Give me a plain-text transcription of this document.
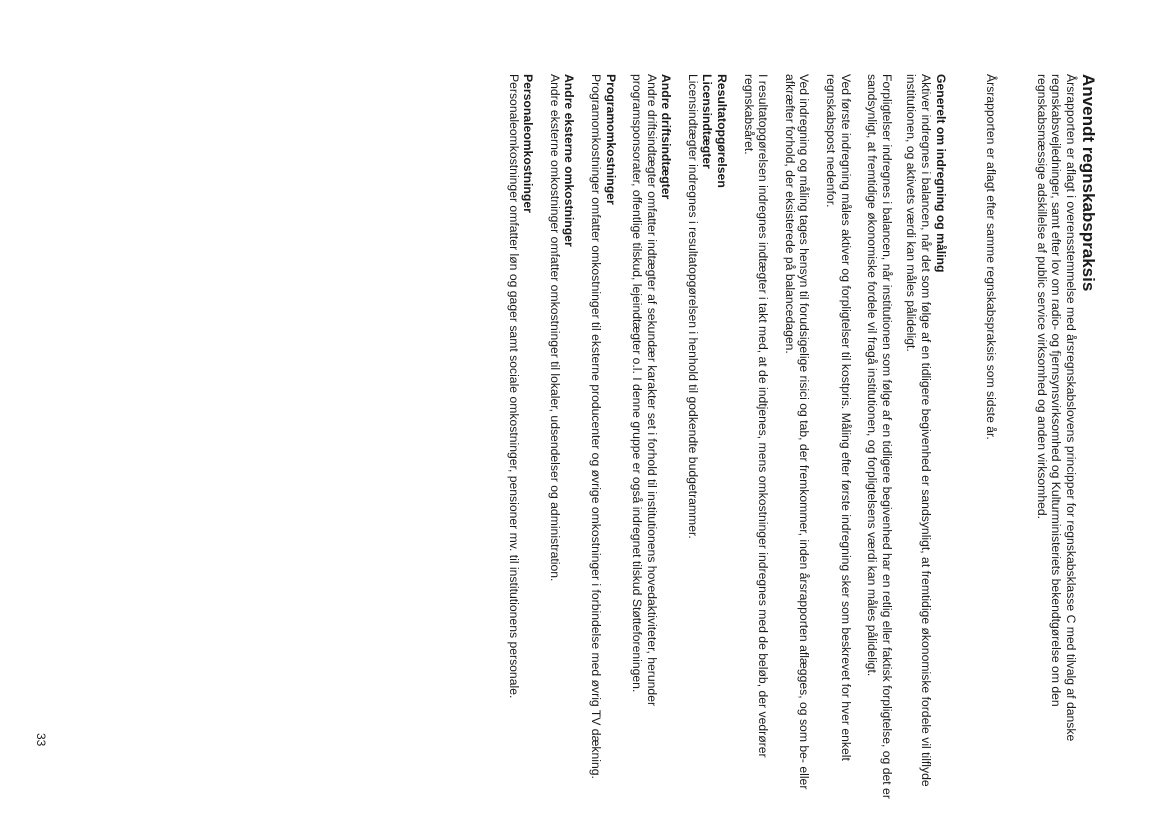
Anvendt regnskabspraksis

Årsrapporten er aflagt i overensstemmelse med årsregnskabslovens principper for regnskabsklasse C med tilvalg af danske regnskabsvejledninger, samt efter lov om radio- og fjernsynsvirksomhed og Kulturministeriets bekendtgørelse om den regnskabsmæssige adskillelse af public service virksomhed og anden virksomhed.

Årsrapporten er aflagt efter samme regnskabspraksis som sidste år.

Generelt om indregning og måling

Aktiver indregnes i balancen, når det som følge af en tidligere begivenhed er sandsynligt, at fremtidige økonomiske fordele vil tilflyde institutionen, og aktivets værdi kan måles pålideligt.

Forpligtelser indregnes i balancen, når institutionen som følge af en tidligere begivenhed har en retlig eller faktisk forpligtelse, og det er sandsynligt, at fremtidige økonomiske fordele vil fragå institutionen, og forpligtelsens værdi kan måles pålideligt.

Ved første indregning måles aktiver og forpligtelser til kostpris. Måling efter første indregning sker som beskrevet for hver enkelt regnskabspost nedenfor.

Ved indregning og måling tages hensyn til forudsigelige risici og tab, der fremkommer, inden årsrapporten aflægges, og som be- eller afkræfter forhold, der eksisterede på balancedagen.

I resultatopgørelsen indregnes indtægter i takt med, at de indtjenes, mens omkostninger indregnes med de beløb, der vedrører regnskabsåret.

Resultatopgørelsen

Licensindtægter

Licensindtægter indregnes i resultatopgørelsen i henhold til godkendte budgetrammer.

Andre driftsindtægter

Andre driftsindtægter omfatter indtægter af sekundær karakter set i forhold til institutionens hovedaktiviteter, herunder programsponsorater, offentlige tilskud, lejeindtægter o.l. I denne gruppe er også indregnet tilskud Støtteforeningen.

Programomkostninger

Programomkostninger omfatter omkostninger til eksterne producenter og øvrige omkostninger i forbindelse med øvrig TV dækning.

Andre eksterne omkostninger

Andre eksterne omkostninger omfatter omkostninger til lokaler, udsendelser og administration.

Personaleomkostninger

Personaleomkostninger omfatter løn og gager samt sociale omkostninger, pensioner mv. til institutionens personale.

33
